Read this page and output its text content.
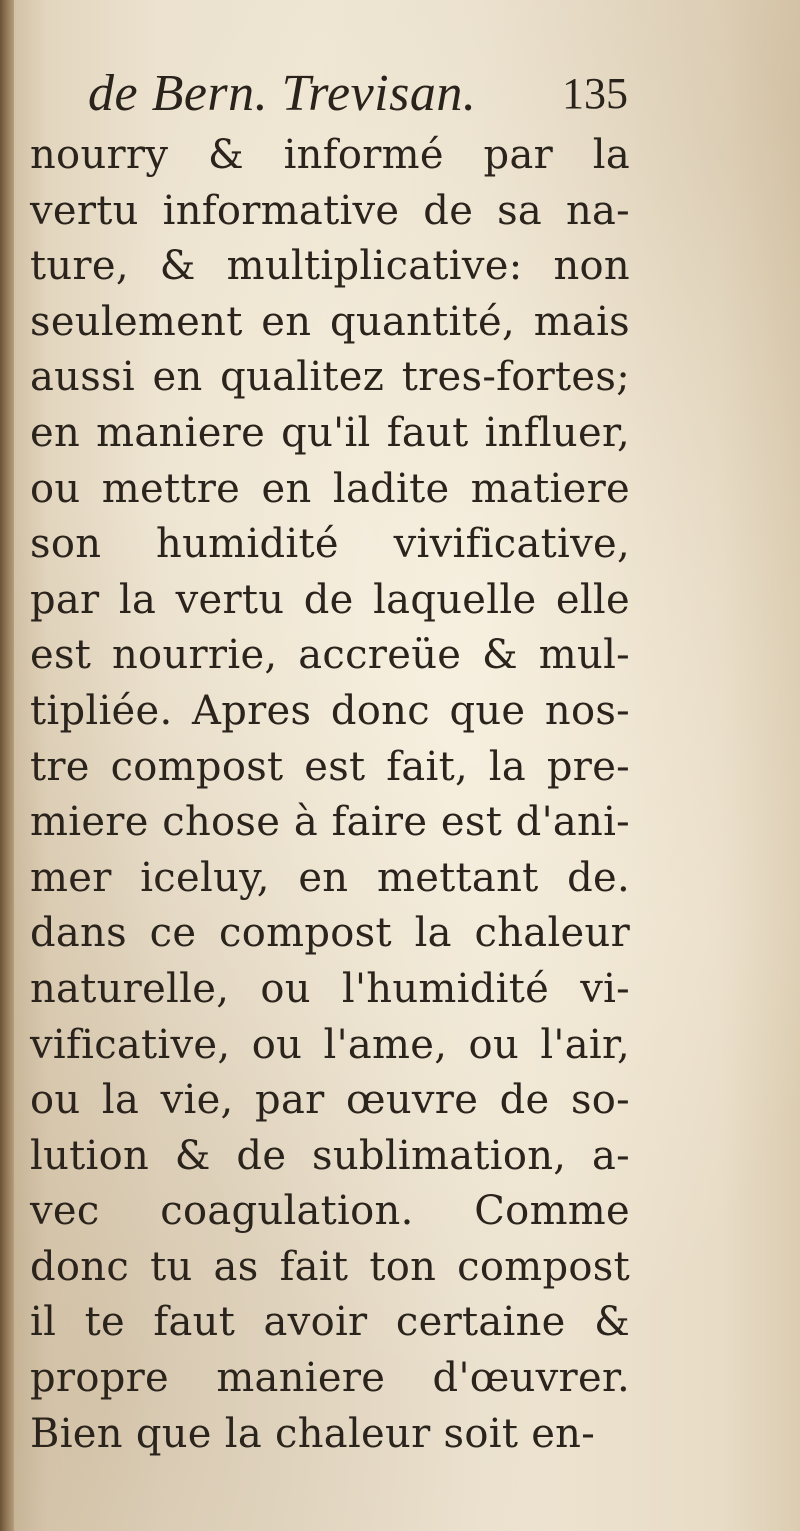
de Bern. Trevisan. 135
nourry & informé par la
vertu informative de sa na-
ture, & multiplicative: non
seulement en quantité, mais
aussi en qualitez tres-fortes;
en maniere qu'il faut influer,
ou mettre en ladite matiere
son humidité vivificative,
par la vertu de laquelle elle
est nourrie, accreüe & mul-
tipliée. Apres donc que nos-
tre compost est fait, la pre-
miere chose à faire est d'ani-
mer iceluy, en mettant de.
dans ce compost la chaleur
naturelle, ou l'humidité vi-
vificative, ou l'ame, ou l'air,
ou la vie, par œuvre de so-
lution & de sublimation, a-
vec coagulation. Comme
donc tu as fait ton compost
il te faut avoir certaine &
propre maniere d'œuvrer.
Bien que la chaleur soit en-
